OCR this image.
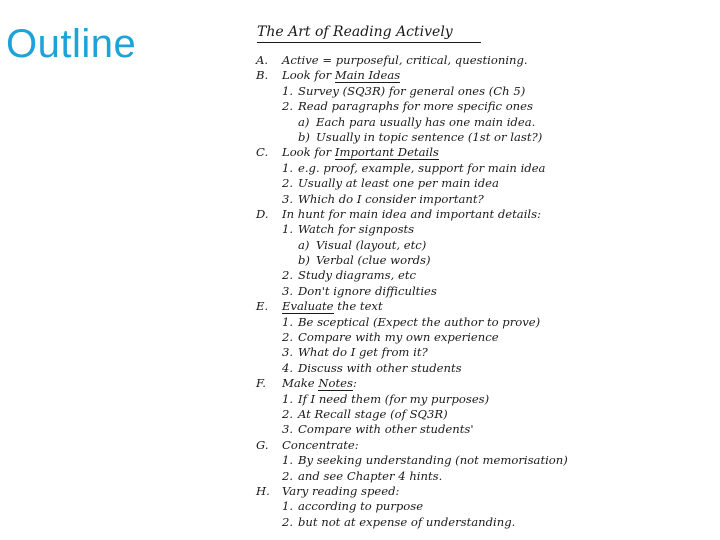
Outline	The Art of Reading Actively
A. Active = purposeful, critical, questioning.
B. Look for Main Ideas
1. Survey (SQ3R) for general ones (Ch 5)
2. Read paragraphs for more specific ones
a) Each para usually has one main idea.
b) Usually in topic sentence (1st or last?)
C. Look for Important Details
1. e.g. proof, example, support for main idea
2. Usually at least one per main idea
3. Which do I consider important?
D. In hunt for main idea and important details:
1. Watch for signposts
a) Visual (layout, etc)
b) Verbal (clue words)
2. Study diagrams, etc
3. Don't ignore difficulties
E. Evaluate the text
1. Be sceptical (Expect the author to prove)
2. Compare with my own experience
3. What do I get from it?
4. Discuss with other students
F. Make Notes:
1. If I need them (for my purposes)
2. At Recall stage (of SQ3R)
3. Compare with other students'
G. Concentrate:
1. By seeking understanding (not memorisation)
2. and see Chapter 4 hints.
H. Vary reading speed:
1. according to purpose
2. but not at expense of understanding.
